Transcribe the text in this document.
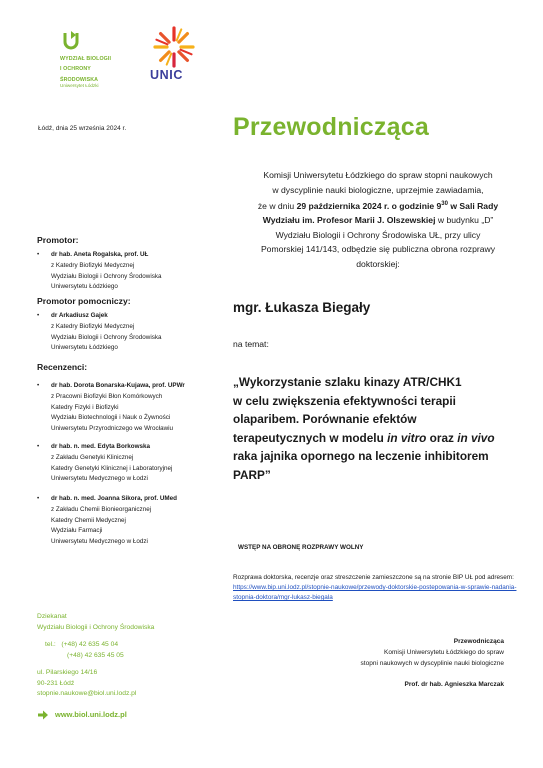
WYDZIAŁ BIOLOGII
I OCHRONY
ŚRODOWISKA
Uniwersytet Łódzki
UNIC
Łódź, dnia 25 września 2024 r.	Przewodnicząca
Komisji Uniwersytetu Łódzkiego do spraw stopni naukowych
w dyscyplinie nauki biologiczne, uprzejmie zawiadamia,
że w dniu 29 października 2024 r. o godzinie $9^{30}$ w Sali Rady
Wydziału im. Profesor Marii J. Olszewskiej w budynku „D”
Wydziału Biologii i Ochrony Środowiska UŁ, przy ulicy
Pomorskiej 141/143, odbędzie się publiczna obrona rozprawy
doktorskiej:
mgr. Łukasza Biegały
na temat:
„Wykorzystanie szlaku kinazy ATR/CHK1
w celu zwiększenia efektywności terapii
olaparibem. Porównanie efektów
terapeutycznych w modelu in vitro oraz in vivo
raka jajnika opornego na leczenie inhibitorem
PARP”
WSTĘP NA OBRONĘ ROZPRAWY WOLNY
Rozprawa doktorska, recenzje oraz streszczenie zamieszczone są na stronie BIP UŁ pod adresem: https://www.bip.uni.lodz.pl/stopnie-naukowe/przewody-doktorskie-postepowania-w-sprawie-nadania-stopnia-doktora/mgr-lukasz-biegala
Przewodnicząca
Komisji Uniwersytetu Łódzkiego do spraw
stopni naukowych w dyscyplinie nauki biologiczne
Prof. dr hab. Agnieszka Marczak
Promotor:
• dr hab. Aneta Rogalska, prof. UŁ
z Katedry Biofizyki Medycznej
Wydziału Biologii i Ochrony Środowiska
Uniwersytetu Łódzkiego
Promotor pomocniczy:
• dr Arkadiusz Gajek
z Katedry Biofizyki Medycznej
Wydziału Biologii i Ochrony Środowiska
Uniwersytetu Łódzkiego
Recenzenci:
• dr hab. Dorota Bonarska-Kujawa, prof. UPWr
z Pracowni Biofizyki Błon Komórkowych
Katedry Fizyki i Biofizyki
Wydziału Biotechnologii i Nauk o Żywności
Uniwersytetu Przyrodniczego we Wrocławiu
• dr hab. n. med. Edyta Borkowska
z Zakładu Genetyki Klinicznej
Katedry Genetyki Klinicznej i Laboratoryjnej
Uniwersytetu Medycznego w Łodzi
• dr hab. n. med. Joanna Sikora, prof. UMed
z Zakładu Chemii Bionieorganicznej
Katedry Chemii Medycznej
Wydziału Farmacji
Uniwersytetu Medycznego w Łodzi
Dziekanat
Wydziału Biologii i Ochrony Środowiska
tel.:   (+48) 42 635 45 04
(+48) 42 635 45 05
ul. Pilarskiego 14/16
90-231 Łódź
stopnie.naukowe@biol.uni.lodz.pl
www.biol.uni.lodz.pl
